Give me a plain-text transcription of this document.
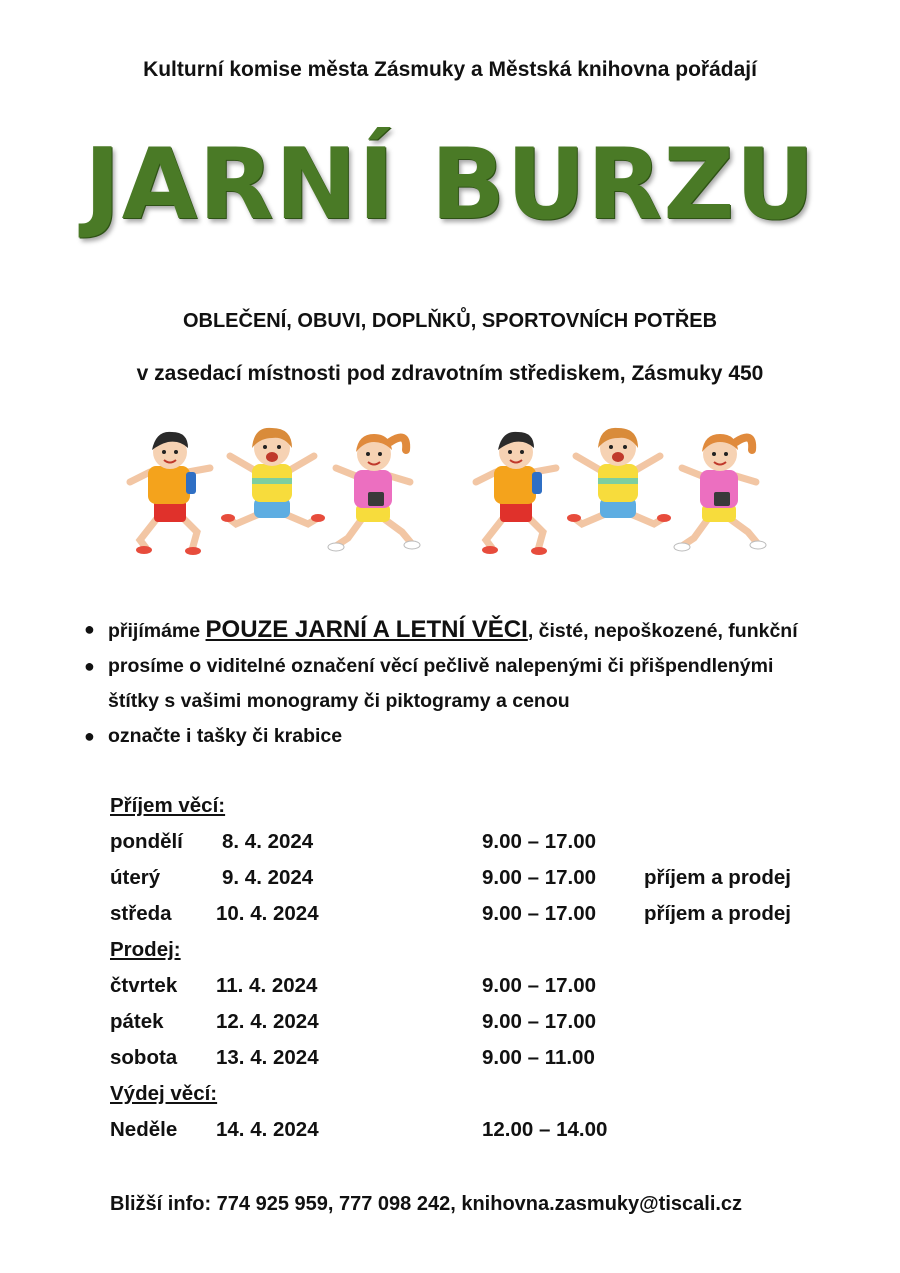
Kulturní komise města Zásmuky a Městská knihovna pořádají
JARNÍ BURZU
OBLEČENÍ, OBUVI, DOPLŇKŮ, SPORTOVNÍCH POTŘEB
v zasedací místnosti pod zdravotním střediskem, Zásmuky 450
● přijímáme POUZE JARNÍ A LETNÍ VĚCI, čisté, nepoškozené, funkční
● prosíme o viditelné označení věcí pečlivě nalepenými či přišpendlenými
štítky s vašimi monogramy či piktogramy a cenou
● označte i tašky či krabice
Příjem věcí:
pondělí 8. 4. 2024	9.00 – 17.00
úterý	9. 4. 2024	9.00 – 17.00 příjem a prodej
středa 10. 4. 2024	9.00 – 17.00 příjem a prodej
Prodej:
čtvrtek 11. 4. 2024	9.00 – 17.00
pátek	12. 4. 2024	9.00 – 17.00
sobota 13. 4. 2024	9.00 – 11.00
Výdej věcí:
Neděle 14. 4. 2024	12.00 – 14.00
Bližší info: 774 925 959, 777 098 242, knihovna.zasmuky@tiscali.cz
